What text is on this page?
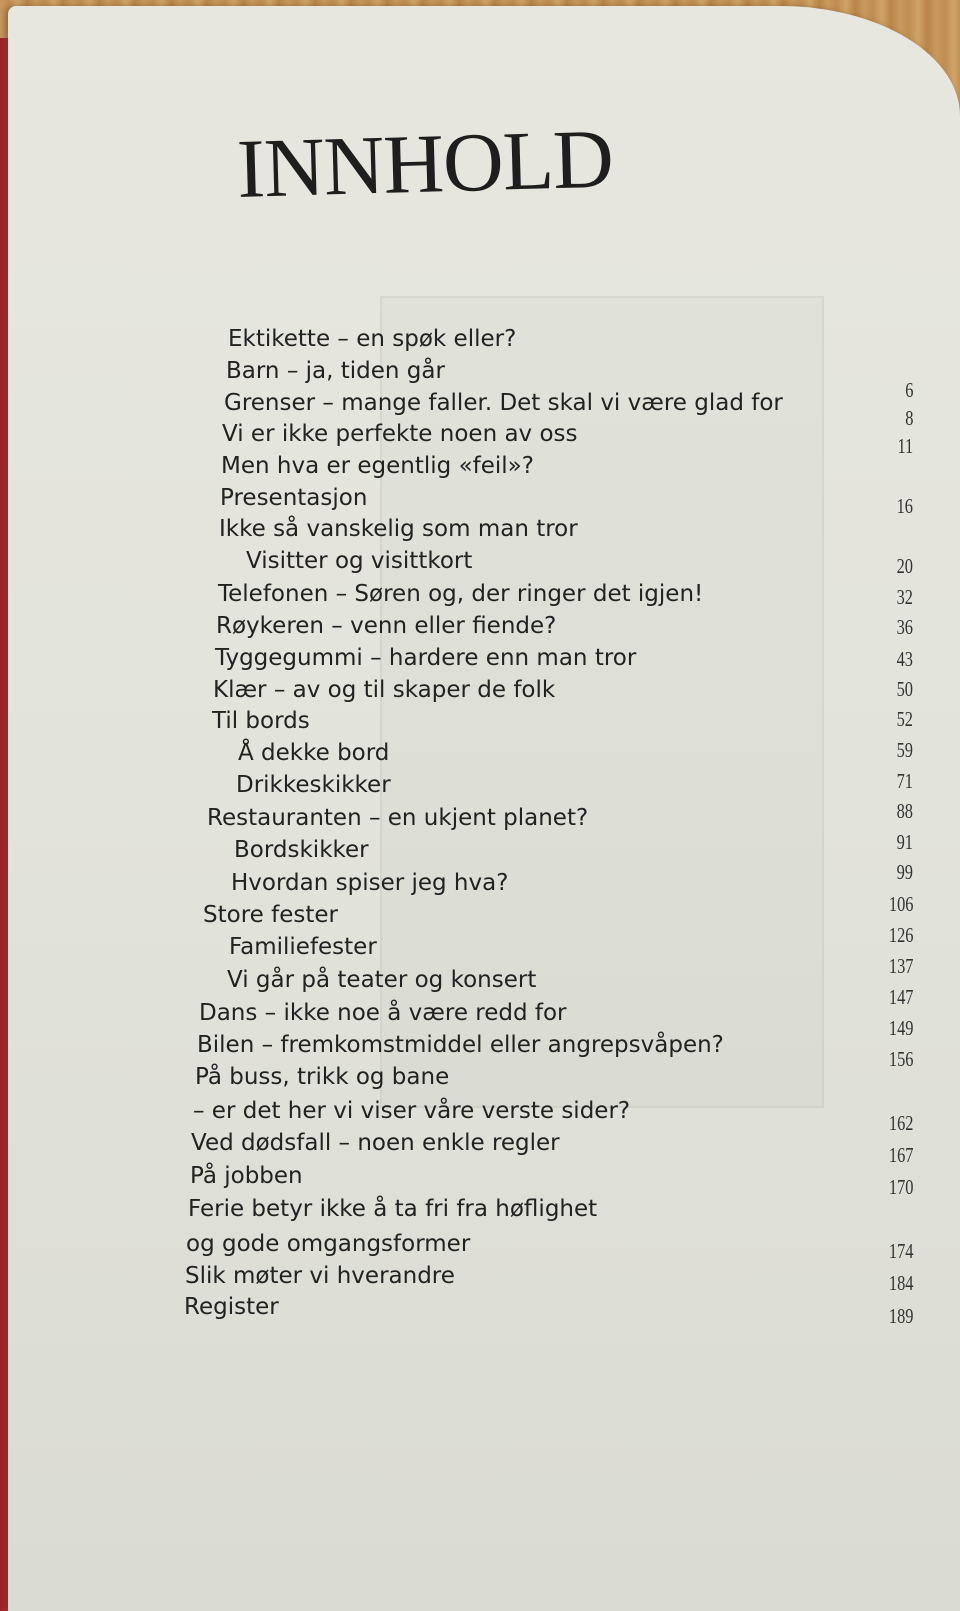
INNHOLD
Ektikette – en spøk eller?
Barn – ja, tiden går
Grenser – mange faller. Det skal vi være glad for
Vi er ikke perfekte noen av oss
Men hva er egentlig «feil»?
Presentasjon
Ikke så vanskelig som man tror
Visitter og visittkort
Telefonen – Søren og, der ringer det igjen!
Røykeren – venn eller fiende?
Tyggegummi – hardere enn man tror
Klær – av og til skaper de folk
Til bords
Å dekke bord
Drikkeskikker
Restauranten – en ukjent planet?
Bordskikker
Hvordan spiser jeg hva?
Store fester
Familiefester
Vi går på teater og konsert
Dans – ikke noe å være redd for
Bilen – fremkomstmiddel eller angrepsvåpen?
På buss, trikk og bane
– er det her vi viser våre verste sider?
Ved dødsfall – noen enkle regler
På jobben
Ferie betyr ikke å ta fri fra høflighet
og gode omgangsformer
Slik møter vi hverandre
Register
6
8
11
16
20
32
36
43
50
52
59
71
88
91
99
106
126
137
147
149
156
162
167
170
174
184
189
